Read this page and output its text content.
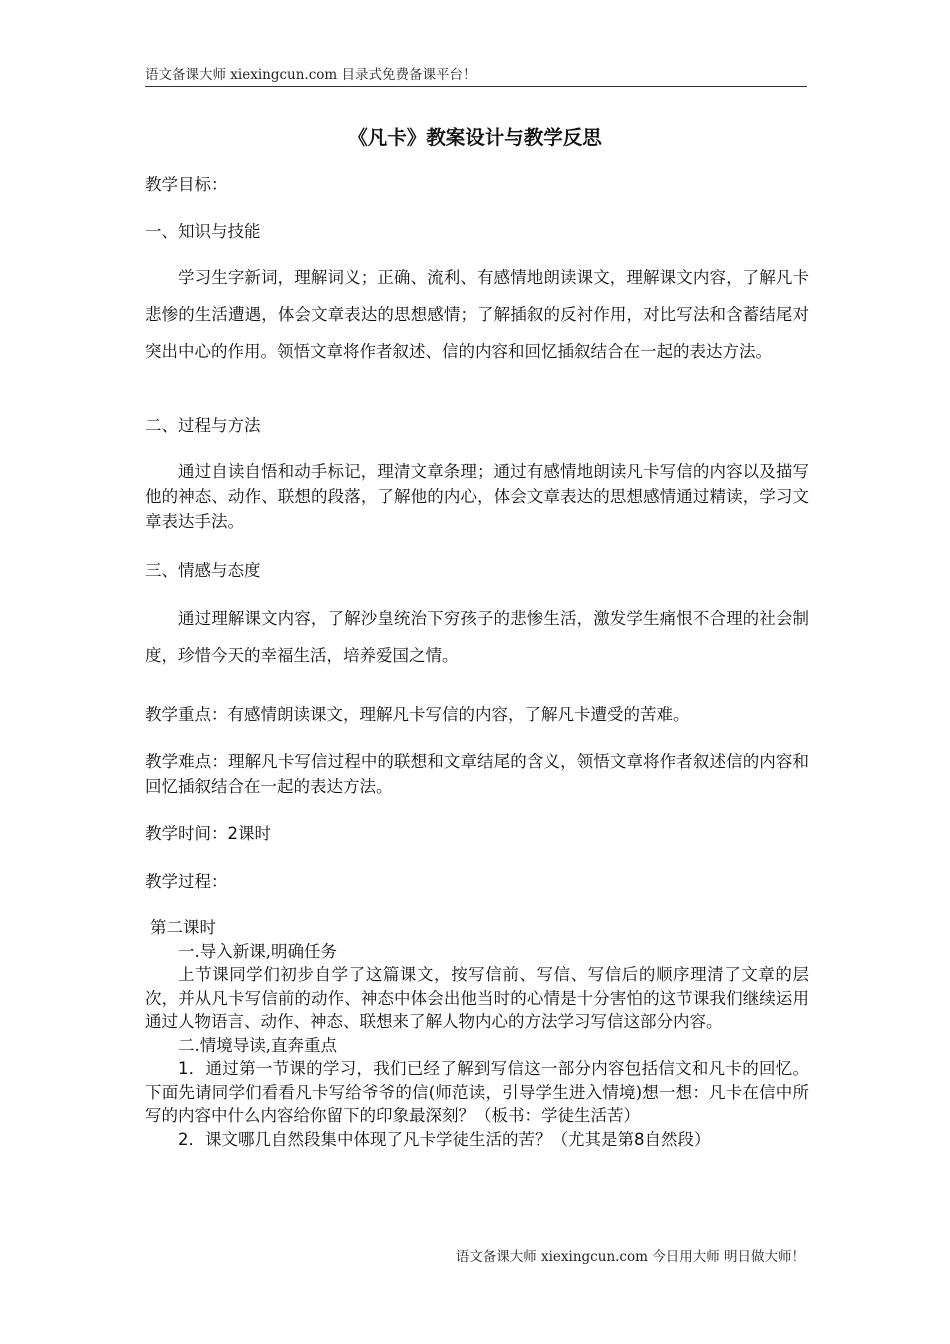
语文备课大师 xiexingcun.com 目录式免费备课平台！
《凡卡》教案设计与教学反思
教学目标：
一、知识与技能

学习生字新词，理解词义；正确、流利、有感情地朗读课文，理解课文内容，了解凡卡悲惨的生活遭遇，体会文章表达的思想感情；了解插叙的反衬作用，对比写法和含蓄结尾对突出中心的作用。领悟文章将作者叙述、信的内容和回忆插叙结合在一起的表达方法。

二、过程与方法

通过自读自悟和动手标记，理清文章条理；通过有感情地朗读凡卡写信的内容以及描写他的神态、动作、联想的段落，了解他的内心，体会文章表达的思想感情通过精读，学习文章表达手法。

三、情感与态度

通过理解课文内容，了解沙皇统治下穷孩子的悲惨生活，激发学生痛恨不合理的社会制度，珍惜今天的幸福生活，培养爱国之情。

教学重点：有感情朗读课文，理解凡卡写信的内容，了解凡卡遭受的苦难。

教学难点：理解凡卡写信过程中的联想和文章结尾的含义，领悟文章将作者叙述信的内容和回忆插叙结合在一起的表达方法。

教学时间：2课时
教学过程：
第二课时

一.导入新课,明确任务

上节课同学们初步自学了这篇课文，按写信前、写信、写信后的顺序理清了文章的层次，并从凡卡写信前的动作、神态中体会出他当时的心情是十分害怕的这节课我们继续运用通过人物语言、动作、神态、联想来了解人物内心的方法学习写信这部分内容。

二.情境导读,直奔重点

1．通过第一节课的学习，我们已经了解到写信这一部分内容包括信文和凡卡的回忆。下面先请同学们看看凡卡写给爷爷的信(师范读，引导学生进入情境)想一想：凡卡在信中所写的内容中什么内容给你留下的印象最深刻？（板书：学徒生活苦）

2．课文哪几自然段集中体现了凡卡学徒生活的苦？（尤其是第8自然段）

语文备课大师 xiexingcun.com 今日用大师 明日做大师！
